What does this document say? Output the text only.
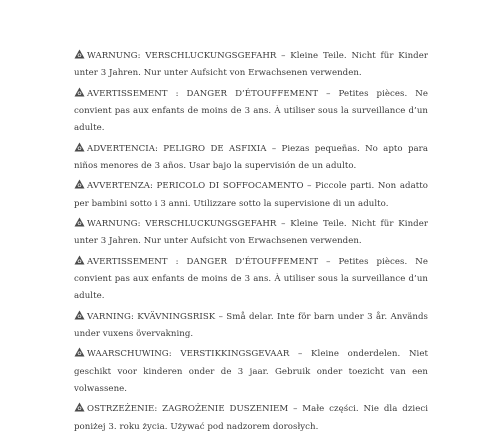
WARNUNG: VERSCHLUCKUNGSGEFAHR – Kleine Teile. Nicht für Kinder unter 3 Jahren. Nur unter Aufsicht von Erwachsenen verwenden.

AVERTISSEMENT : DANGER D’ÉTOUFFEMENT – Petites pièces. Ne convient pas aux enfants de moins de 3 ans. À utiliser sous la surveillance d’un adulte.

ADVERTENCIA: PELIGRO DE ASFIXIA – Piezas pequeñas. No apto para niños menores de 3 años. Usar bajo la supervisión de un adulto.

AVVERTENZA: PERICOLO DI SOFFOCAMENTO – Piccole parti. Non adatto per bambini sotto i 3 anni. Utilizzare sotto la supervisione di un adulto.

WARNUNG: VERSCHLUCKUNGSGEFAHR – Kleine Teile. Nicht für Kinder unter 3 Jahren. Nur unter Aufsicht von Erwachsenen verwenden.

AVERTISSEMENT : DANGER D’ÉTOUFFEMENT – Petites pièces. Ne convient pas aux enfants de moins de 3 ans. À utiliser sous la surveillance d’un adulte.

VARNING: KVÄVNINGSRISK – Små delar. Inte för barn under 3 år. Används under vuxens övervakning.

WAARSCHUWING: VERSTIKKINGSGEVAAR – Kleine onderdelen. Niet geschikt voor kinderen onder de 3 jaar. Gebruik onder toezicht van een volwassene.

OSTRZEŻENIE: ZAGROŻENIE DUSZENIEM – Małe części. Nie dla dzieci poniżej 3. roku życia. Używać pod nadzorem dorosłych.
